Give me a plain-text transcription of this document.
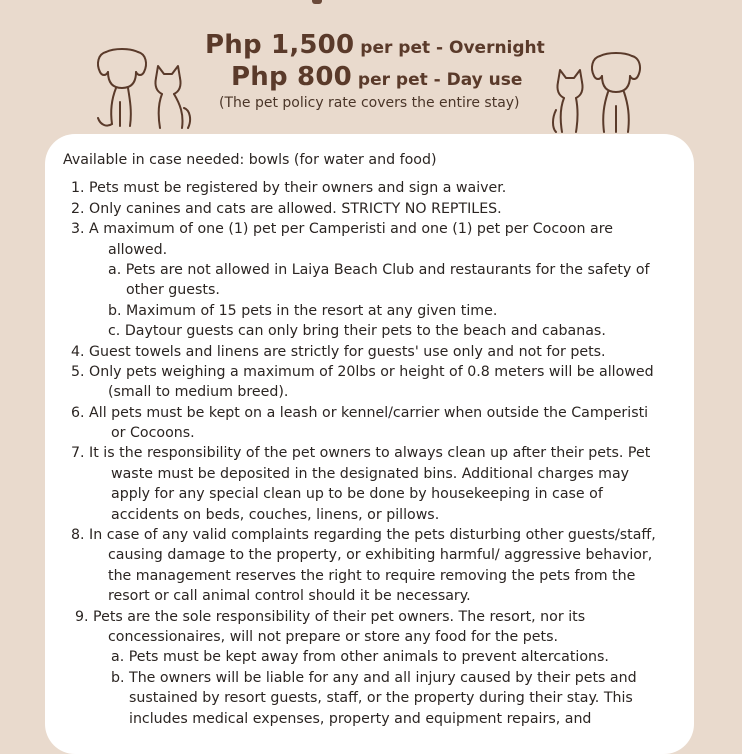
Php 1,500 per pet - Overnight
Php 800 per pet - Day use
(The pet policy rate covers the entire stay)
Available in case needed: bowls (for water and food)
1. Pets must be registered by their owners and sign a waiver.
2. Only canines and cats are allowed. STRICTY NO REPTILES.
3. A maximum of one (1) pet per Camperisti and one (1) pet per Cocoon are
allowed.
a. Pets are not allowed in Laiya Beach Club and restaurants for the safety of
other guests.
b. Maximum of 15 pets in the resort at any given time.
c. Daytour guests can only bring their pets to the beach and cabanas.
4. Guest towels and linens are strictly for guests' use only and not for pets.
5. Only pets weighing a maximum of 20lbs or height of 0.8 meters will be allowed
(small to medium breed).
6. All pets must be kept on a leash or kennel/carrier when outside the Camperisti
or Cocoons.
7. It is the responsibility of the pet owners to always clean up after their pets. Pet
waste must be deposited in the designated bins. Additional charges may
apply for any special clean up to be done by housekeeping in case of
accidents on beds, couches, linens, or pillows.
8. In case of any valid complaints regarding the pets disturbing other guests/staff,
causing damage to the property, or exhibiting harmful/ aggressive behavior,
the management reserves the right to require removing the pets from the
resort or call animal control should it be necessary.
9. Pets are the sole responsibility of their pet owners. The resort, nor its
concessionaires, will not prepare or store any food for the pets.
a. Pets must be kept away from other animals to prevent altercations.
b. The owners will be liable for any and all injury caused by their pets and
sustained by resort guests, staff, or the property during their stay. This
includes medical expenses, property and equipment repairs, and
